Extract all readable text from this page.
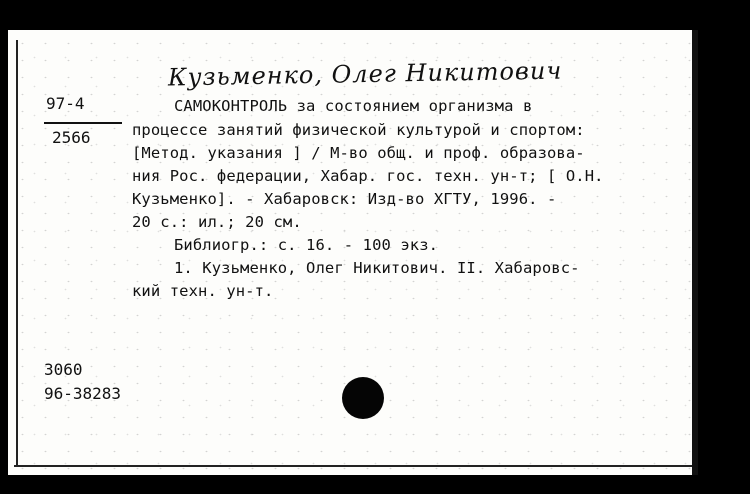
Кузьменко, Олег Никитович
97-4
2566
САМОКОНТРОЛЬ за состоянием организма в
процессе занятий физической культурой и спортом:
[Метод. указания ] / М-во общ. и проф. образова-
ния Рос. федерации, Хабар. гос. техн. ун-т; [ О.Н.
Кузьменко]. - Хабаровск: Изд-во ХГТУ, 1996. -
20 с.: ил.; 20 см.
Библиогр.: с. 16. - 100 экз.
1. Кузьменко, Олег Никитович. II. Хабаровс-
кий техн. ун-т.
3060
96-38283
